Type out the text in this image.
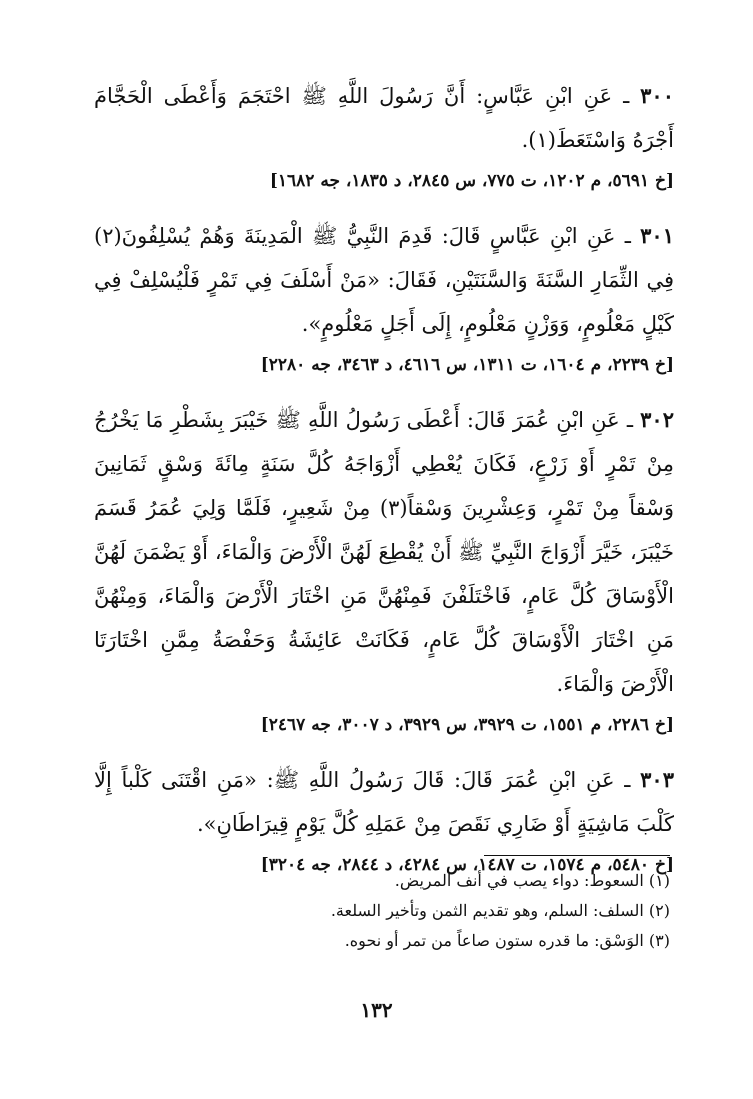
٣٠٠ ـ عَنِ ابْنِ عَبَّاسٍ: أَنَّ رَسُولَ اللَّهِ ﷺ احْتَجَمَ وَأَعْطَى الْحَجَّامَ أَجْرَهُ وَاسْتَعَطَ(١).
[خ ٥٦٩١، م ١٢٠٢، ت ٧٧٥، س ٢٨٤٥، د ١٨٣٥، جه ١٦٨٢]
٣٠١ ـ عَنِ ابْنِ عَبَّاسٍ قَالَ: قَدِمَ النَّبِيُّ ﷺ الْمَدِينَةَ وَهُمْ يُسْلِفُونَ(٢) فِي الثِّمَارِ السَّنَةَ وَالسَّنَتَيْنِ، فَقَالَ: «مَنْ أَسْلَفَ فِي تَمْرٍ فَلْيُسْلِفْ فِي كَيْلٍ مَعْلُومٍ، وَوَزْنٍ مَعْلُومٍ، إِلَى أَجَلٍ مَعْلُومٍ».
[خ ٢٢٣٩، م ١٦٠٤، ت ١٣١١، س ٤٦١٦، د ٣٤٦٣، جه ٢٢٨٠]
٣٠٢ ـ عَنِ ابْنِ عُمَرَ قَالَ: أَعْطَى رَسُولُ اللَّهِ ﷺ خَيْبَرَ بِشَطْرِ مَا يَخْرُجُ مِنْ تَمْرٍ أَوْ زَرْعٍ، فَكَانَ يُعْطِي أَزْوَاجَهُ كُلَّ سَنَةٍ مِائَةَ وَسْقٍ ثَمَانِينَ وَسْقاً مِنْ تَمْرٍ، وَعِشْرِينَ وَسْقاً(٣) مِنْ شَعِيرٍ، فَلَمَّا وَلِيَ عُمَرُ قَسَمَ خَيْبَرَ، خَيَّرَ أَزْوَاجَ النَّبِيِّ ﷺ أَنْ يُقْطِعَ لَهُنَّ الْأَرْضَ وَالْمَاءَ، أَوْ يَضْمَنَ لَهُنَّ الْأَوْسَاقَ كُلَّ عَامٍ، فَاخْتَلَفْنَ فَمِنْهُنَّ مَنِ اخْتَارَ الْأَرْضَ وَالْمَاءَ، وَمِنْهُنَّ مَنِ اخْتَارَ الْأَوْسَاقَ كُلَّ عَامٍ، فَكَانَتْ عَائِشَةُ وَحَفْصَةُ مِمَّنِ اخْتَارَتَا الْأَرْضَ وَالْمَاءَ.
[خ ٢٢٨٦، م ١٥٥١، ت ٣٩٢٩، س ٣٩٢٩، د ٣٠٠٧، جه ٢٤٦٧]
٣٠٣ ـ عَنِ ابْنِ عُمَرَ قَالَ: قَالَ رَسُولُ اللَّهِ ﷺ: «مَنِ اقْتَنَى كَلْباً إِلَّا كَلْبَ مَاشِيَةٍ أَوْ ضَارِي نَقَصَ مِنْ عَمَلِهِ كُلَّ يَوْمٍ قِيرَاطَانِ».
[خ ٥٤٨٠، م ١٥٧٤، ت ١٤٨٧، س ٤٢٨٤، د ٢٨٤٤، جه ٣٢٠٤]
(١) السعوط: دواء يصب في أنف المريض.
(٢) السلف: السلم، وهو تقديم الثمن وتأخير السلعة.
(٣) الوَسْق: ما قدره ستون صاعاً من تمر أو نحوه.
١٣٢
